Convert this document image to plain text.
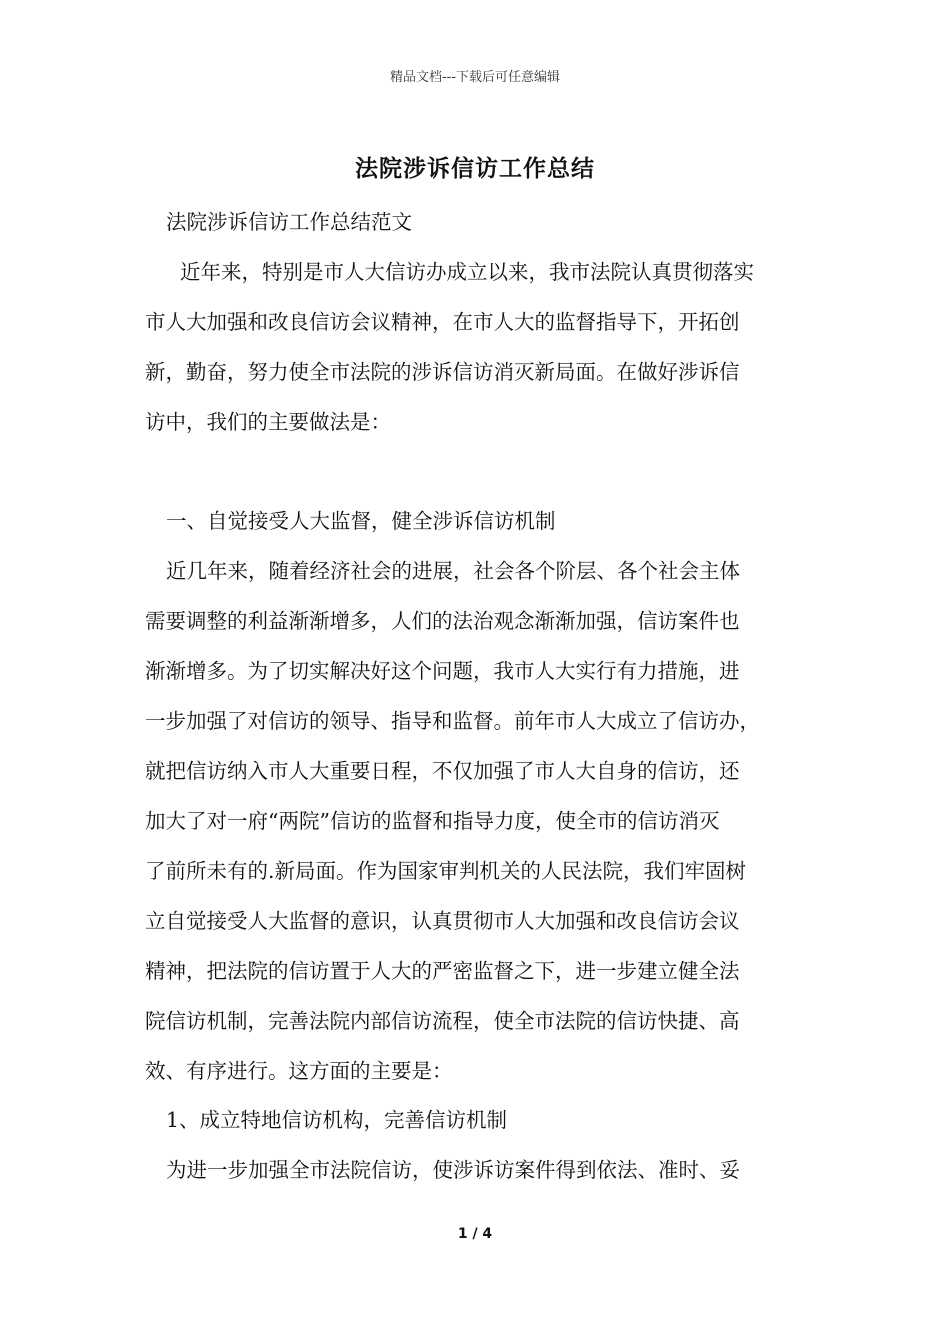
精品文档---下载后可任意编辑
法院涉诉信访工作总结
法院涉诉信访工作总结范文
近年来，特别是市人大信访办成立以来，我市法院认真贯彻落实
市人大加强和改良信访会议精神，在市人大的监督指导下，开拓创
新，勤奋，努力使全市法院的涉诉信访消灭新局面。在做好涉诉信
访中，我们的主要做法是：
一、自觉接受人大监督，健全涉诉信访机制
近几年来，随着经济社会的进展，社会各个阶层、各个社会主体
需要调整的利益渐渐增多，人们的法治观念渐渐加强，信访案件也
渐渐增多。为了切实解决好这个问题，我市人大实行有力措施，进
一步加强了对信访的领导、指导和监督。前年市人大成立了信访办，
就把信访纳入市人大重要日程，不仅加强了市人大自身的信访，还
加大了对一府“两院”信访的监督和指导力度，使全市的信访消灭
了前所未有的.新局面。作为国家审判机关的人民法院，我们牢固树
立自觉接受人大监督的意识，认真贯彻市人大加强和改良信访会议
精神，把法院的信访置于人大的严密监督之下，进一步建立健全法
院信访机制，完善法院内部信访流程，使全市法院的信访快捷、高
效、有序进行。这方面的主要是：
1、成立特地信访机构，完善信访机制
为进一步加强全市法院信访，使涉诉访案件得到依法、准时、妥
1 / 4
